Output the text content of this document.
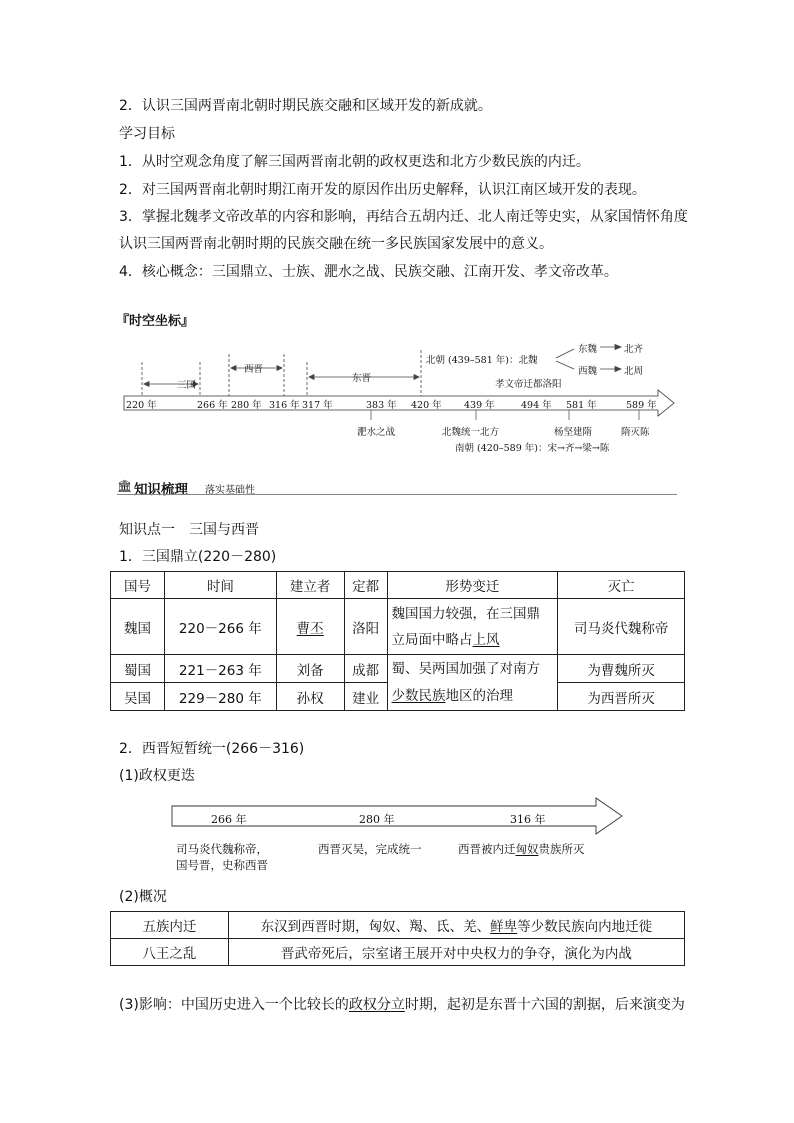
2．认识三国两晋南北朝时期民族交融和区域开发的新成就。
学习目标
1．从时空观念角度了解三国两晋南北朝的政权更迭和北方少数民族的内迁。
2．对三国两晋南北朝时期江南开发的原因作出历史解释，认识江南区域开发的表现。
3．掌握北魏孝文帝改革的内容和影响，再结合五胡内迁、北人南迁等史实，从家国情怀角度
认识三国两晋南北朝时期的民族交融在统一多民族国家发展中的意义。
4．核心概念：三国鼎立、士族、淝水之战、民族交融、江南开发、孝文帝改革。
『时空坐标』
220 年	266 年 280 年 316 年 317 年	383 年 420 年 439 年	494 年 581 年	589 年
三国
西晋
东晋
北朝 (439–581 年)：北魏
东魏	北齐
西魏	北周
孝文帝迁都洛阳
淝水之战	北魏统一北方	杨坚建隋	隋灭陈
南朝 (420–589 年)：宋→齐→梁→陈
🏛 知识梳理 落实基础性
知识点一　三国与西晋
1．三国鼎立(220－280)
国号	时间	建立者	定都	形势变迁	灭亡
魏国	220－266 年	曹丕	洛阳	魏国国力较强，在三国鼎
立局面中略占上风	司马炎代魏称帝
蜀国	221－263 年	刘备	成都	蜀、吴两国加强了对南方
少数民族地区的治理	为曹魏所灭
吴国	229－280 年	孙权	建业		为西晋所灭
2．西晋短暂统一(266－316)
(1)政权更迭
266 年	280 年	316 年
司马炎代魏称帝，
国号晋，史称西晋
西晋灭吴，完成统一	西晋被内迁匈奴贵族所灭
(2)概况
五族内迁	东汉到西晋时期，匈奴、羯、氐、羌、鲜卑等少数民族向内地迁徙
八王之乱	晋武帝死后，宗室诸王展开对中央权力的争夺，演化为内战
(3)影响：中国历史进入一个比较长的政权分立时期，起初是东晋十六国的割据，后来演变为
